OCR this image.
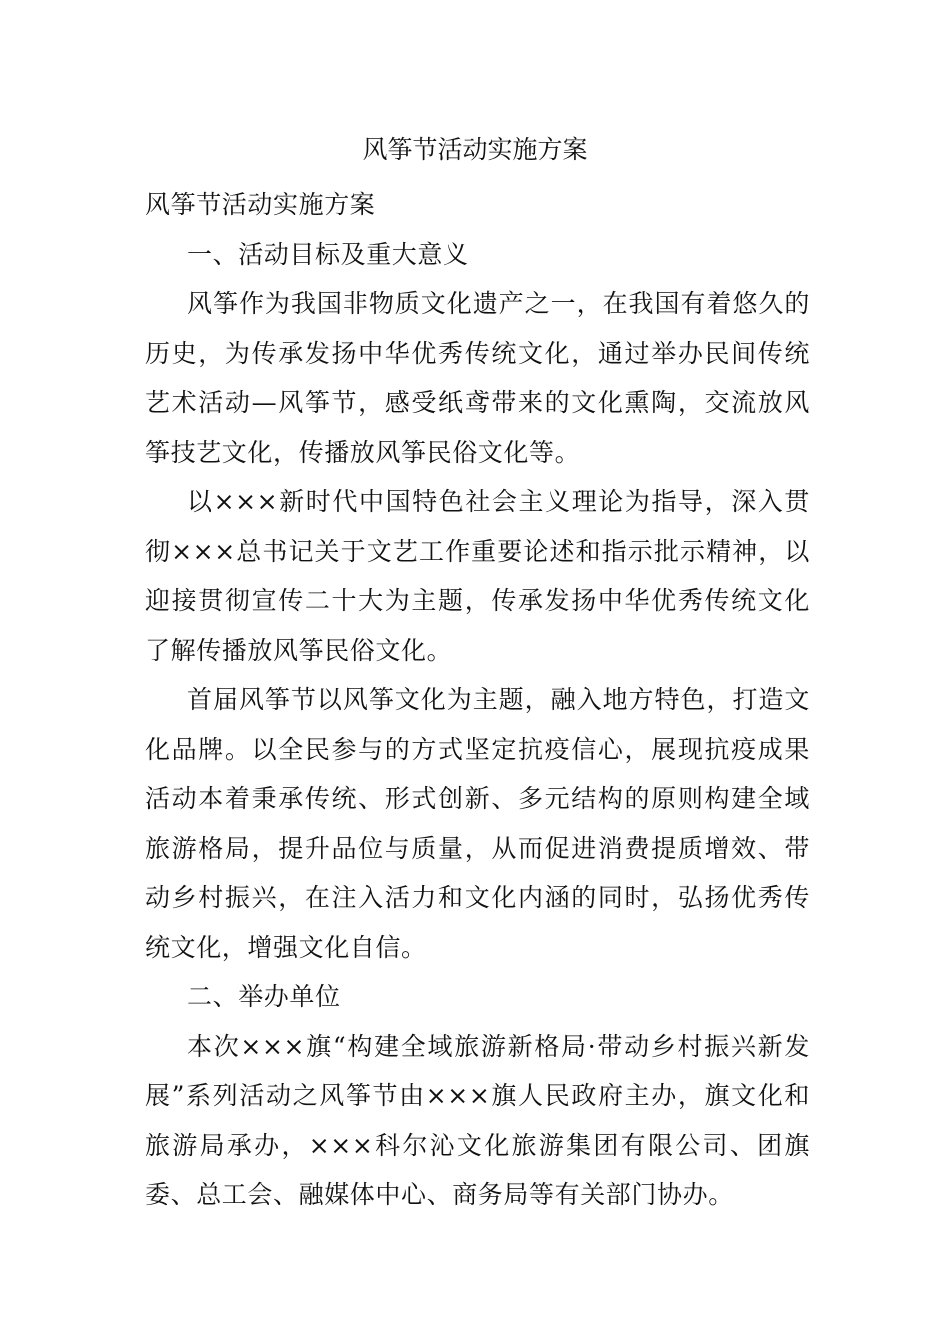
风筝节活动实施方案

风筝节活动实施方案

一、活动目标及重大意义

风筝作为我国非物质文化遗产之一，在我国有着悠久的历史，为传承发扬中华优秀传统文化，通过举办民间传统艺术活动—风筝节，感受纸鸢带来的文化熏陶，交流放风筝技艺文化，传播放风筝民俗文化等。

以×××新时代中国特色社会主义理论为指导，深入贯彻×××总书记关于文艺工作重要论述和指示批示精神，以迎接贯彻宣传二十大为主题，传承发扬中华优秀传统文化了解传播放风筝民俗文化。

首届风筝节以风筝文化为主题，融入地方特色，打造文化品牌。以全民参与的方式坚定抗疫信心，展现抗疫成果活动本着秉承传统、形式创新、多元结构的原则构建全域旅游格局，提升品位与质量，从而促进消费提质增效、带动乡村振兴，在注入活力和文化内涵的同时，弘扬优秀传统文化，增强文化自信。

二、举办单位

本次×××旗“构建全域旅游新格局·带动乡村振兴新发展”系列活动之风筝节由×××旗人民政府主办，旗文化和旅游局承办，×××科尔沁文化旅游集团有限公司、团旗委、总工会、融媒体中心、商务局等有关部门协办。
